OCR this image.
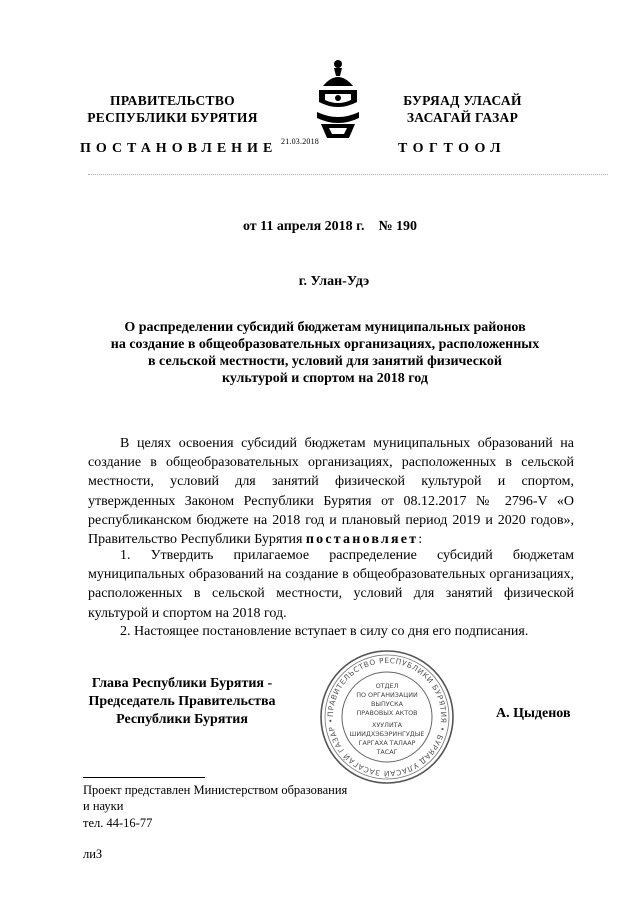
ПРАВИТЕЛЬСТВО
РЕСПУБЛИКИ БУРЯТИЯ
21.03.2018
БУРЯАД УЛАСАЙ
ЗАСАГАЙ ГАЗАР
ПОСТАНОВЛЕНИЕ	ТОГТООЛ
от 11 апреля 2018 г.    № 190
г. Улан-Удэ
О распределении субсидий бюджетам муниципальных районов
на создание в общеобразовательных организациях, расположенных
в сельской местности, условий для занятий физической
культурой и спортом на 2018 год
В целях освоения субсидий бюджетам муниципальных образований на создание в общеобразовательных организациях, расположенных в сельской местности, условий для занятий физической культурой и спортом, утвержденных Законом Республики Бурятия от 08.12.2017 № 2796-V «О республиканском бюджете на 2018 год и плановый период 2019 и 2020 годов», Правительство Республики Бурятия постановляет:
1. Утвердить прилагаемое распределение субсидий бюджетам муниципальных образований на создание в общеобразовательных организациях, расположенных в сельской местности, условий для занятий физической культурой и спортом на 2018 год.
2. Настоящее постановление вступает в силу со дня его подписания.
Глава Республики Бурятия -
Председатель Правительства
Республики Бурятия	ПРАВИТЕЛЬСТВО РЕСПУБЛИКИ БУРЯТИЯ • БУРЯАД УЛАСАЙ ЗАСАГАЙ ГАЗАР •
ОТДЕЛ
ПО ОРГАНИЗАЦИИ
ВЫПУСКА
ПРАВОВЫХ АКТОВ
ХУУЛИТА
ШИИДХЭБЭРИНГУДЫЕ
ГАРГАХА ТАЛААР
ТАСАГ
А. Цыденов
Проект представлен Министерством образования
и науки
тел. 44-16-77
лиЗ
